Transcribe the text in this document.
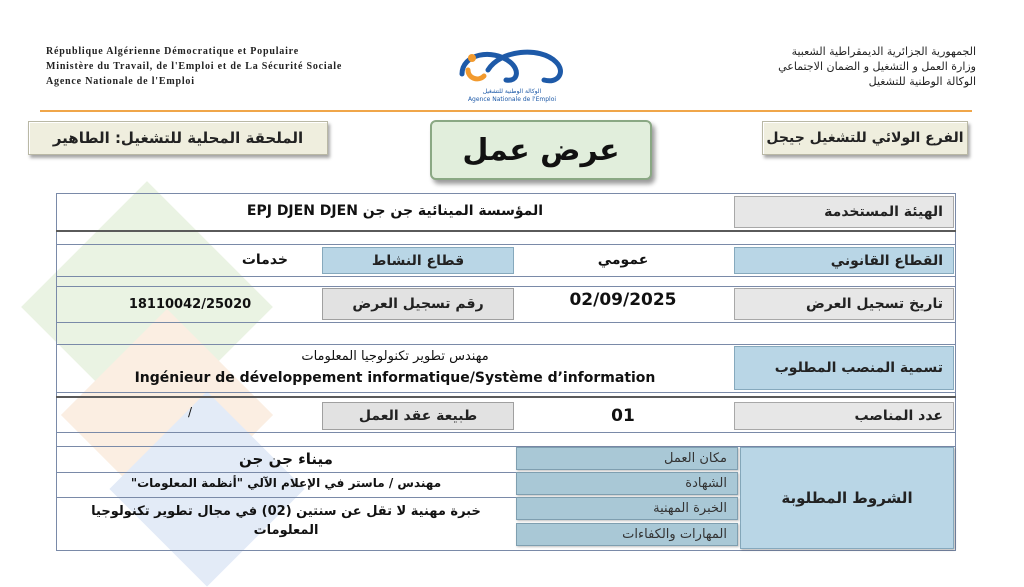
République Algérienne Démocratique et Populaire
Ministère du Travail, de l'Emploi et de La Sécurité Sociale
Agence Nationale de l'Emploi
الجمهورية الجزائرية الديمقراطية الشعبية
وزارة العمل و التشغيل و الضمان الاجتماعي
الوكالة الوطنية للتشغيل
الوكالة الوطنية للتشغيل
Agence Nationale de l'Emploi
الملحقة المحلية للتشغيل: الطاهير	الفرع الولائي للتشغيل جيجل
عرض عمل
الهيئة المستخدمة
المؤسسة المينائية جن جن EPJ DJEN DJEN
القطاع القانوني
عمومي
قطاع النشاط
خدمات
تاريخ تسجيل العرض
02/09/2025
رقم تسجيل العرض
18110042/25020
تسمية المنصب المطلوب
مهندس تطوير تكنولوجيا المعلومات
Ingénieur de développement informatique/Système d’information
عدد المناصب
01
طبيعة عقد العمل
/
الشروط المطلوبة
مكان العمل
الشهادة
الخبرة المهنية
المهارات والكفاءات
ميناء جن جن
مهندس / ماستر في الإعلام الآلي "أنظمة المعلومات"
خبرة مهنية لا تقل عن سنتين (02) في مجال تطوير تكنولوجيا المعلومات
